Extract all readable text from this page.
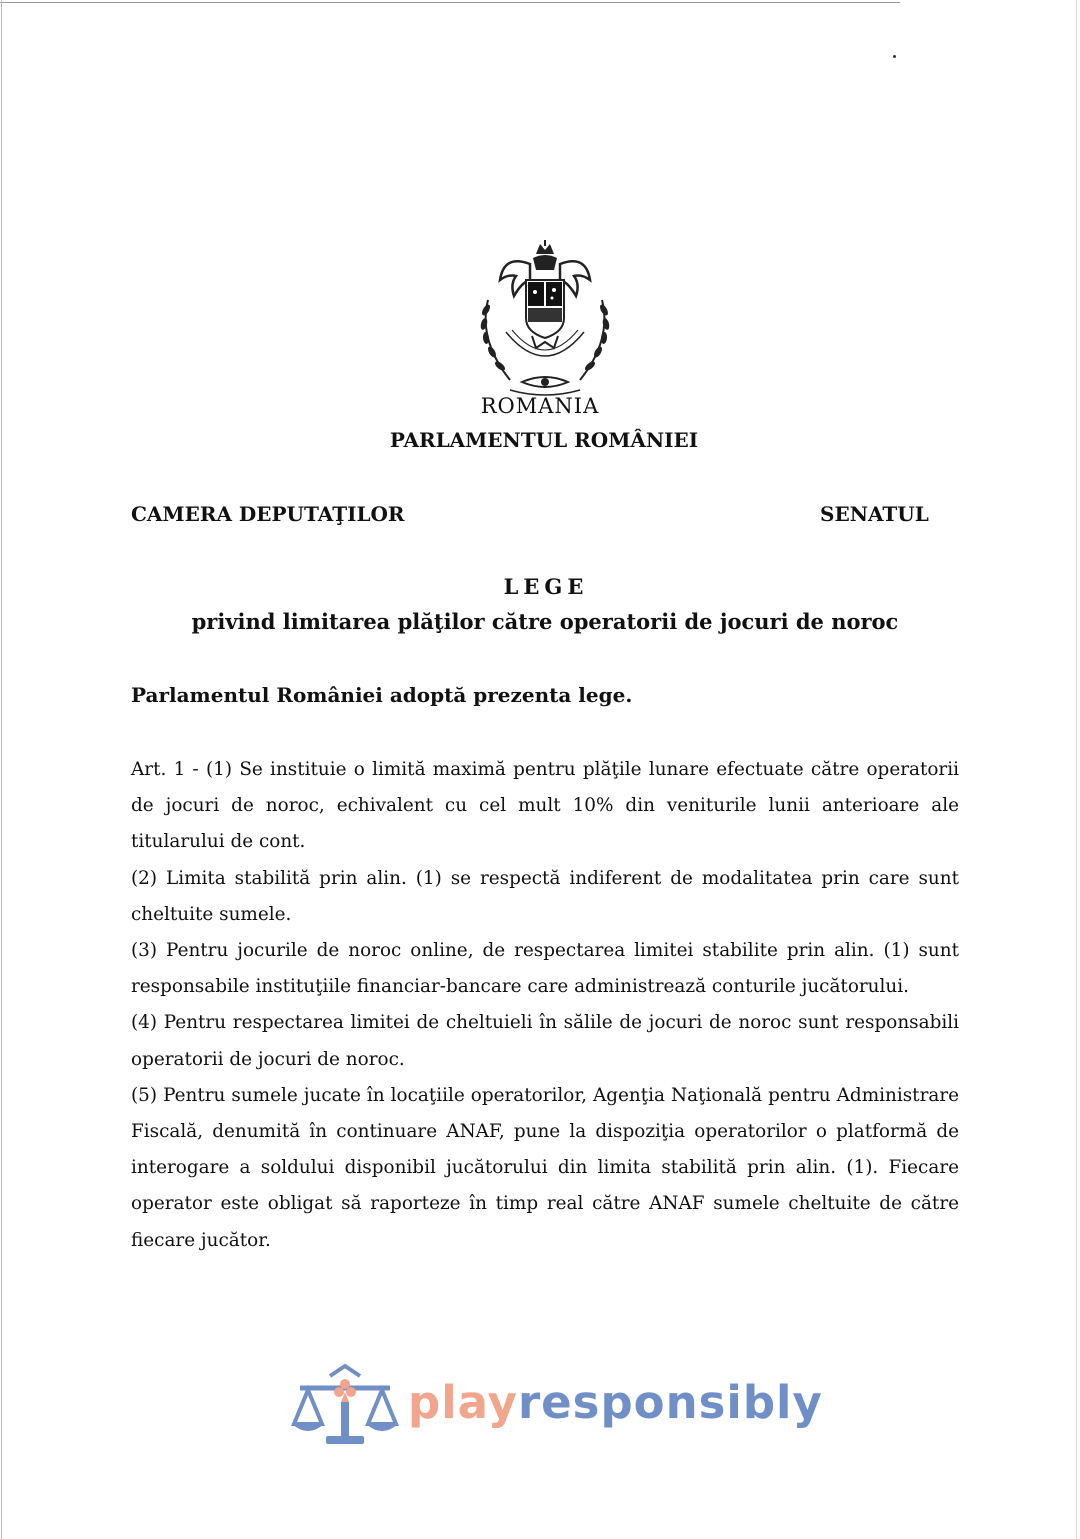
ROMANIA
PARLAMENTUL ROMÂNIEI
CAMERA DEPUTAŢILOR	SENATUL
LEGE
privind limitarea plăţilor către operatorii de jocuri de noroc
Parlamentul României adoptă prezenta lege.

Art. 1 - (1) Se instituie o limită maximă pentru plăţile lunare efectuate către operatorii de jocuri de noroc, echivalent cu cel mult 10% din veniturile lunii anterioare ale titularului de cont.

(2) Limita stabilită prin alin. (1) se respectă indiferent de modalitatea prin care sunt cheltuite sumele.

(3) Pentru jocurile de noroc online, de respectarea limitei stabilite prin alin. (1) sunt responsabile instituţiile financiar-bancare care administrează conturile jucătorului.

(4) Pentru respectarea limitei de cheltuieli în sălile de jocuri de noroc sunt responsabili operatorii de jocuri de noroc.

(5) Pentru sumele jucate în locaţiile operatorilor, Agenţia Naţională pentru Administrare Fiscală, denumită în continuare ANAF, pune la dispoziţia operatorilor o platformă de interogare a soldului disponibil jucătorului din limita stabilită prin alin. (1). Fiecare operator este obligat să raporteze în timp real către ANAF sumele cheltuite de către fiecare jucător.

playresponsibly
